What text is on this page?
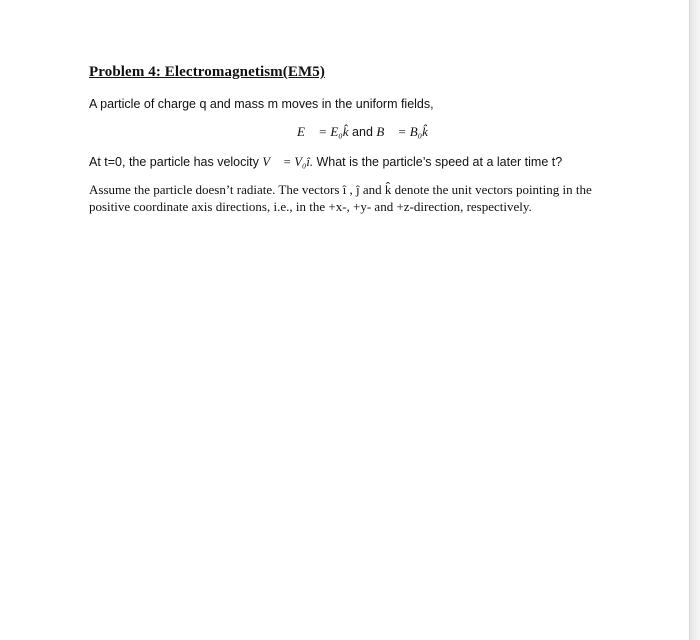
Problem 4: Electromagnetism(EM5)
A particle of charge q and mass m moves in the uniform fields,
E⃗ = E₀k̂ and B⃗ = B₀k̂
At t=0, the particle has velocity V⃗ = V₀î. What is the particle’s speed at a later time t?
Assume the particle doesn’t radiate. The vectors î , ĵ and k̂ denote the unit vectors pointing in the
positive coordinate axis directions, i.e., in the +x-, +y- and +z-direction, respectively.
